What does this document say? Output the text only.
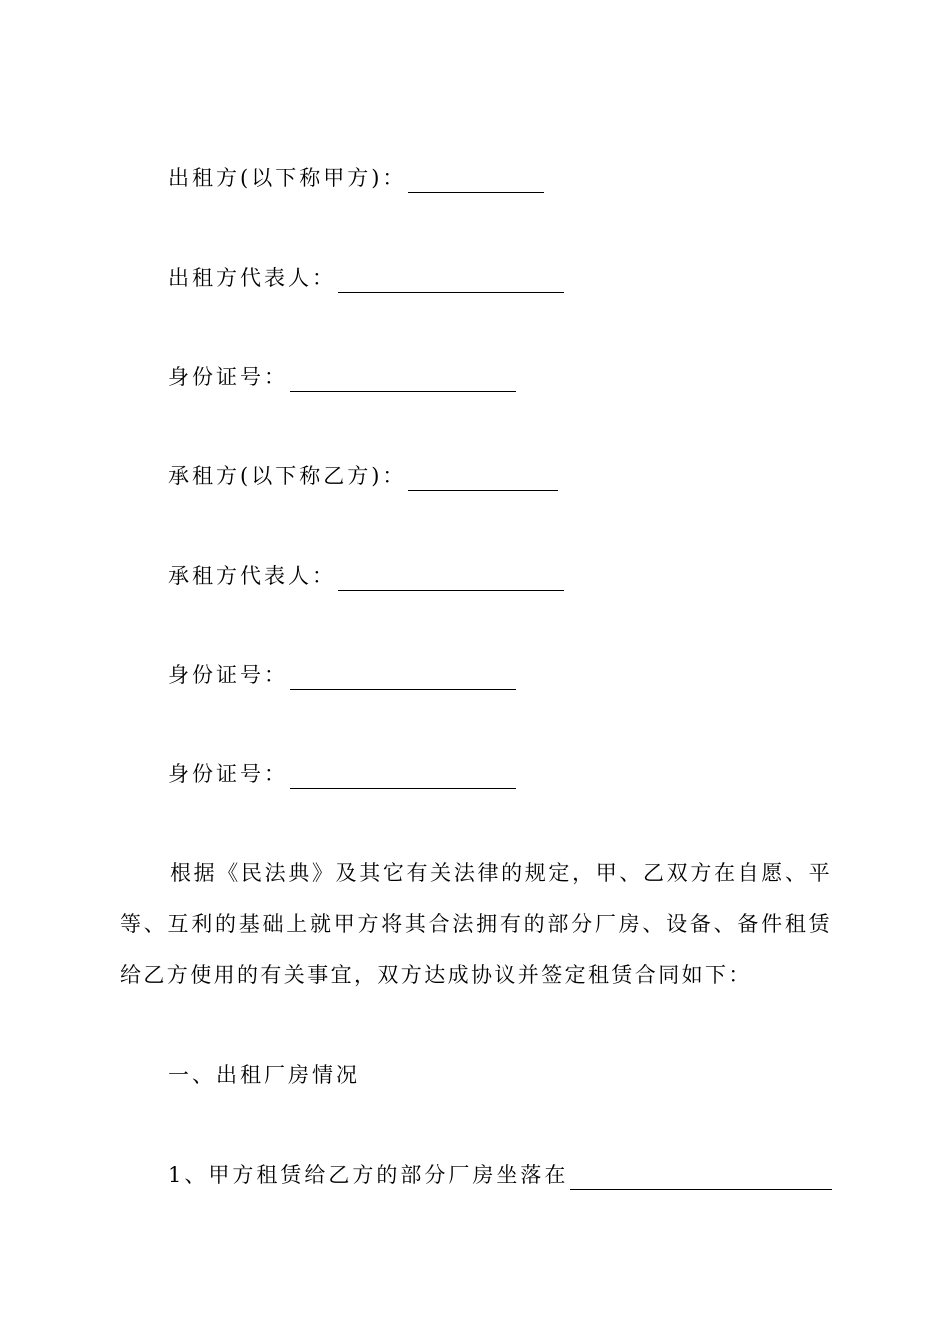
出租方(以下称甲方)：
出租方代表人：
身份证号：
承租方(以下称乙方)：
承租方代表人：
身份证号：
身份证号：
根据《民法典》及其它有关法律的规定，甲、乙双方在自愿、平等、互利的基础上就甲方将其合法拥有的部分厂房、设备、备件租赁给乙方使用的有关事宜，双方达成协议并签定租赁合同如下：
一、出租厂房情况
1、甲方租赁给乙方的部分厂房坐落在
